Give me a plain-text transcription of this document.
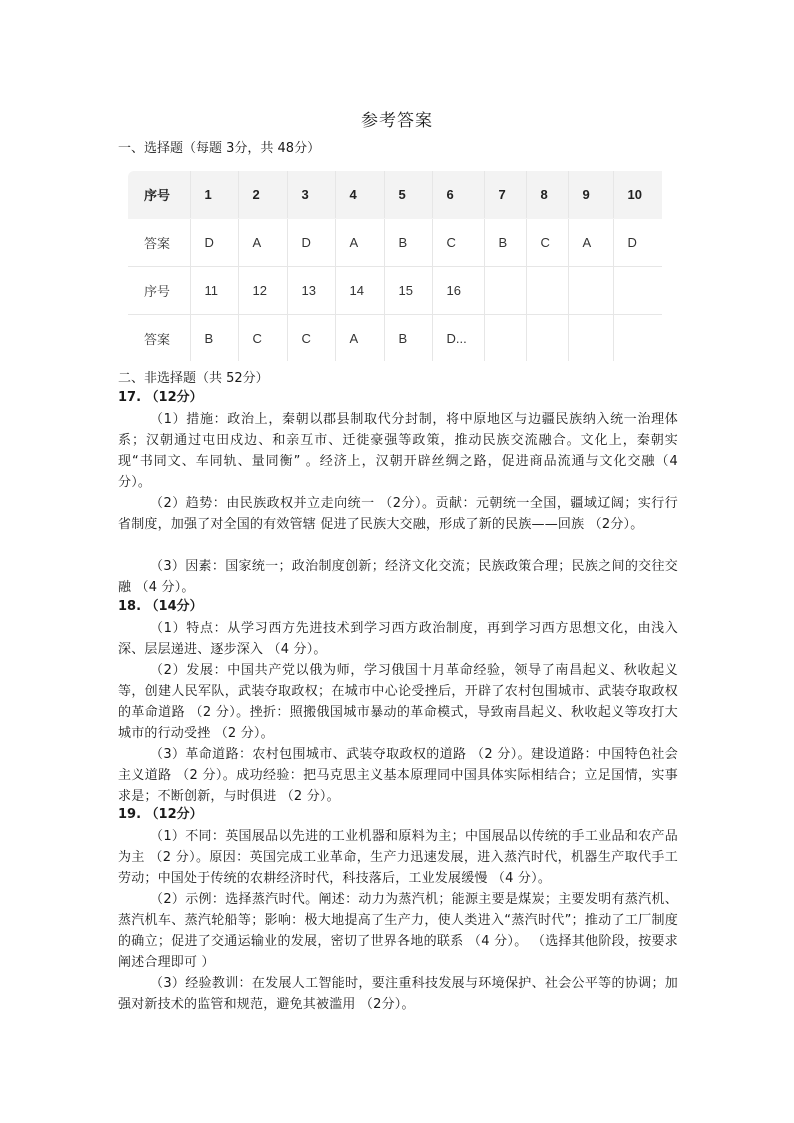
参考答案
一、选择题（每题 3分，共 48分）
序号	1	2	3	4	5	6	7	8	9	10
答案	D	A	D	A	B	C	B	C	A	D
序号	11	12	13	14	15	16				
答案	B	C	C	A	B	D...				
二、非选择题（共 52分）
17. （12分）
（1）措施：政治上，秦朝以郡县制取代分封制，将中原地区与边疆民族纳入统一治理体系；汉朝通过屯田戍边、和亲互市、迁徙豪强等政策，推动民族交流融合。文化上，秦朝实现“书同文、车同轨、量同衡” 。经济上，汉朝开辟丝绸之路，促进商品流通与文化交融（4 分）。
（2）趋势：由民族政权并立走向统一 （2分）。贡献：元朝统一全国，疆域辽阔；实行行省制度，加强了对全国的有效管辖 促进了民族大交融，形成了新的民族——回族 （2分）。
（3）因素：国家统一；政治制度创新；经济文化交流；民族政策合理；民族之间的交往交融 （4 分）。
18. （14分）
（1）特点：从学习西方先进技术到学习西方政治制度，再到学习西方思想文化，由浅入深、层层递进、逐步深入 （4 分）。
（2）发展：中国共产党以俄为师，学习俄国十月革命经验，领导了南昌起义、秋收起义等，创建人民军队，武装夺取政权；在城市中心论受挫后，开辟了农村包围城市、武装夺取政权的革命道路 （2 分）。挫折：照搬俄国城市暴动的革命模式，导致南昌起义、秋收起义等攻打大城市的行动受挫 （2 分）。
（3）革命道路：农村包围城市、武装夺取政权的道路 （2 分）。建设道路：中国特色社会主义道路 （2 分）。成功经验：把马克思主义基本原理同中国具体实际相结合；立足国情，实事求是；不断创新，与时俱进 （2 分）。
19. （12分）
（1）不同：英国展品以先进的工业机器和原料为主；中国展品以传统的手工业品和农产品为主 （2 分）。原因：英国完成工业革命，生产力迅速发展，进入蒸汽时代，机器生产取代手工劳动；中国处于传统的农耕经济时代，科技落后，工业发展缓慢 （4 分）。
（2）示例：选择蒸汽时代。阐述：动力为蒸汽机；能源主要是煤炭；主要发明有蒸汽机、蒸汽机车、蒸汽轮船等；影响：极大地提高了生产力，使人类进入“蒸汽时代”；推动了工厂制度的确立；促进了交通运输业的发展，密切了世界各地的联系 （4 分）。 （选择其他阶段，按要求阐述合理即可 ）
（3）经验教训：在发展人工智能时，要注重科技发展与环境保护、社会公平等的协调；加强对新技术的监管和规范，避免其被滥用 （2分）。
